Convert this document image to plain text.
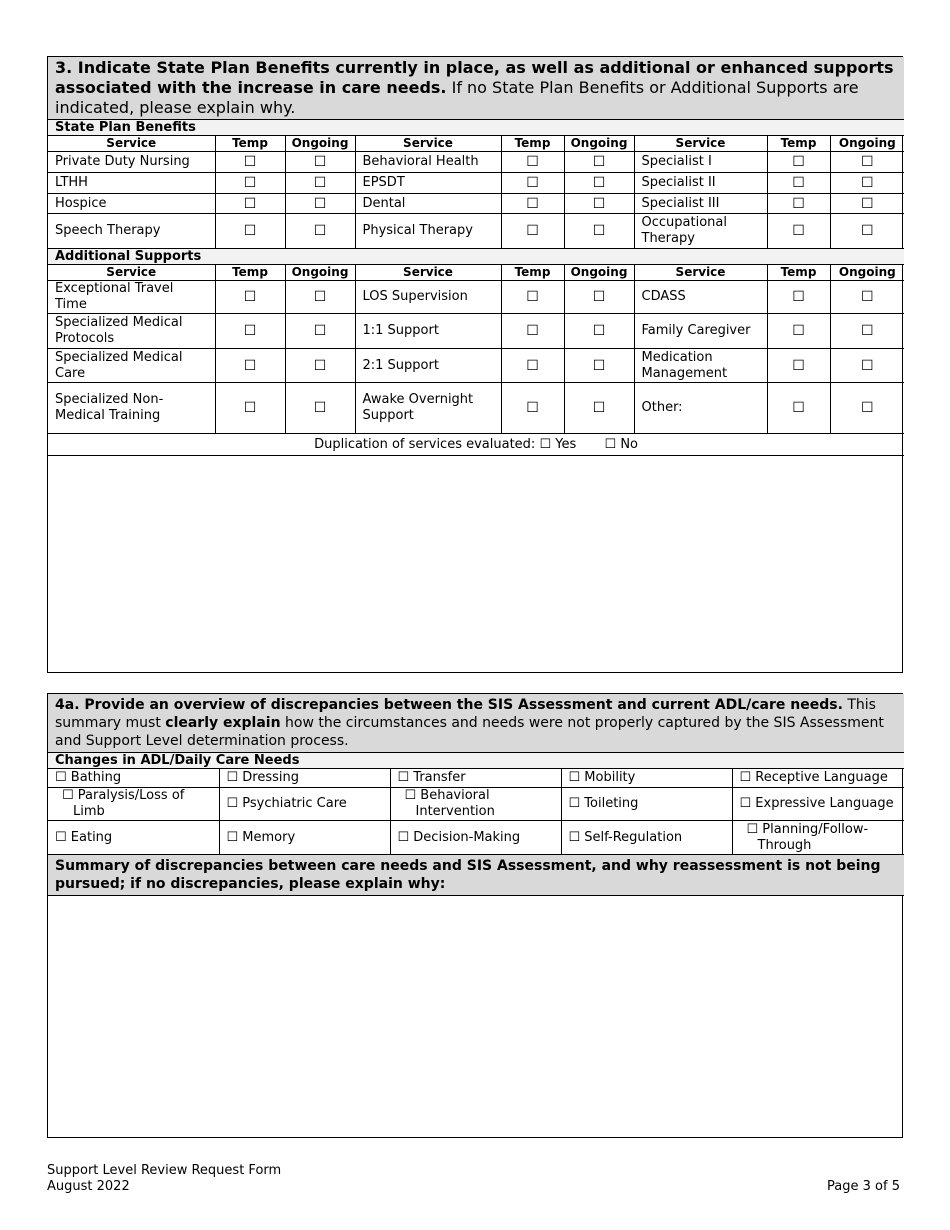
3. Indicate State Plan Benefits currently in place, as well as additional or enhanced supports associated with the increase in care needs. If no State Plan Benefits or Additional Supports are indicated, please explain why.								
State Plan Benefits								
Service	Temp	Ongoing	Service	Temp	Ongoing	Service	Temp	Ongoing
Private Duty Nursing	☐	☐	Behavioral Health	☐	☐	Specialist I	☐	☐
LTHH	☐	☐	EPSDT	☐	☐	Specialist II	☐	☐
Hospice	☐	☐	Dental	☐	☐	Specialist III	☐	☐
Speech Therapy	☐	☐	Physical Therapy	☐	☐	Occupational Therapy	☐	☐
Additional Supports								
Service	Temp	Ongoing	Service	Temp	Ongoing	Service	Temp	Ongoing
Exceptional Travel Time	☐	☐	LOS Supervision	☐	☐	CDASS	☐	☐
Specialized Medical Protocols	☐	☐	1:1 Support	☐	☐	Family Caregiver	☐	☐
Specialized Medical Care	☐	☐	2:1 Support	☐	☐	Medication Management	☐	☐
Specialized Non-Medical Training	☐	☐	Awake Overnight Support	☐	☐	Other:	☐	☐
Duplication of services evaluated: ☐ Yes ☐ No								

4a. Provide an overview of discrepancies between the SIS Assessment and current ADL/care needs. This summary must clearly explain how the circumstances and needs were not properly captured by the SIS Assessment and Support Level determination process.				
Changes in ADL/Daily Care Needs				

☐ Bathing	☐ Dressing	☐ Transfer	☐ Mobility	☐ Receptive Language

☐ Paralysis/Loss of Limb	☐ Psychiatric Care	☐ Behavioral Intervention	☐ Toileting	☐ Expressive Language

☐ Eating	☐ Memory	☐ Decision-Making	☐ Self-Regulation	☐ Planning/Follow-Through

Summary of discrepancies between care needs and SIS Assessment, and why reassessment is not being pursued; if no discrepancies, please explain why:				

Support Level Review Request Form
August 2022	Page 3 of 5
